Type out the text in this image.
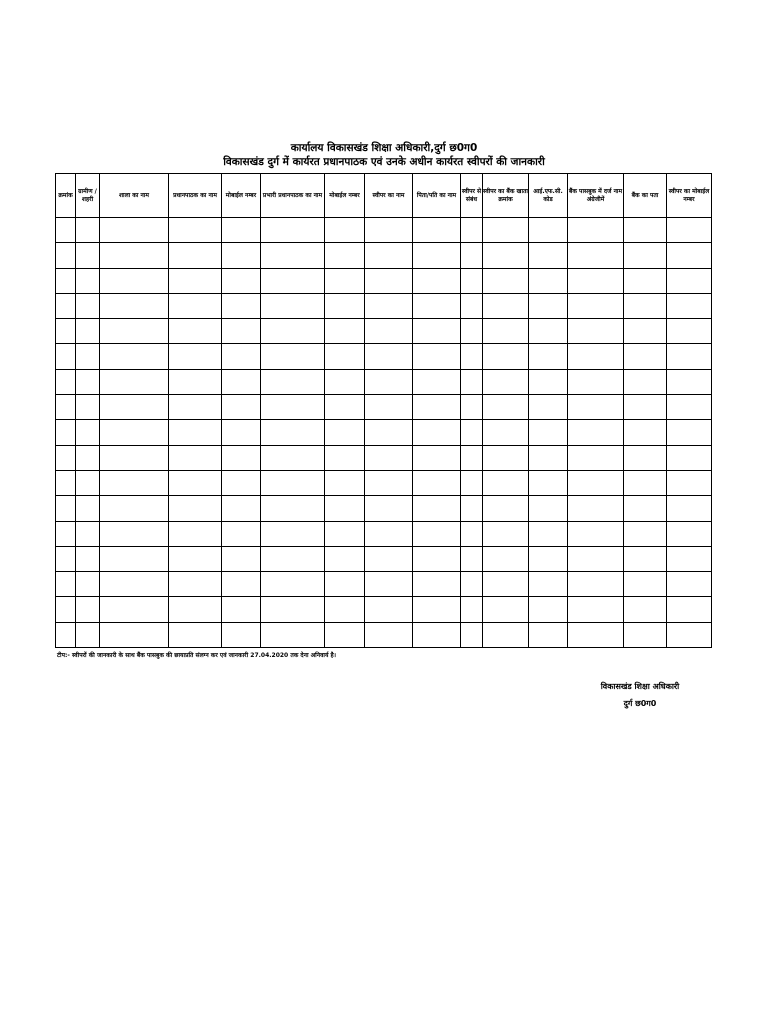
कार्यालय विकासखंड शिक्षा अधिकारी,दुर्ग छ0ग0
विकासखंड दुर्ग में कार्यरत प्रधानपाठक एवं उनके अधीन कार्यरत स्वीपरों की जानकारी
क्रमांक	ग्रामीण / शहरी	शाला का नाम	प्रधानपाठक का नाम	मोबाईल नम्बर	प्रभारी प्रधानपाठक का नाम	मोबाईल नम्बर	स्वीपर का नाम	पिता/पति का नाम	स्वीपर से संबंध	स्वीपर का बैंक खाता क्रमांक	आई.एफ.सी. कोड	बैंक पासबुक में दर्ज नाम अंग्रेजीमें	बैंक का पता	स्वीपर का मोबाईल नम्बर

टीप:- स्वीपरों की जानकारी के साथ बैंक पासबुक की छायाप्रति संलग्न कर एवं जानकारी 27.04.2020 तक देना अनिवार्य है।
विकासखंड शिक्षा अधिकारी
दुर्ग छ0ग0
